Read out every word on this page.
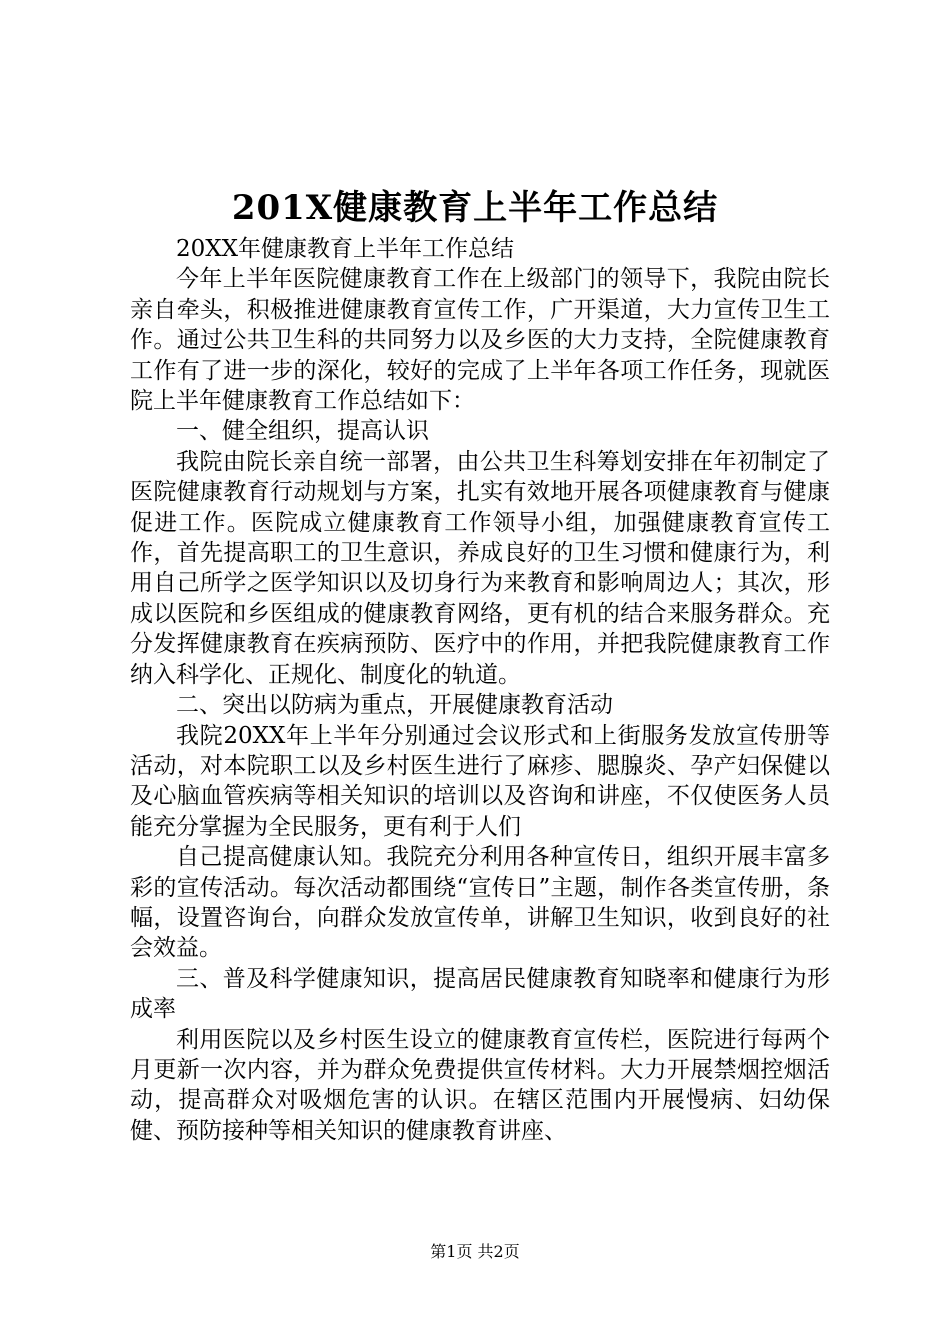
201X健康教育上半年工作总结

20XX年健康教育上半年工作总结

今年上半年医院健康教育工作在上级部门的领导下，我院由院长亲自牵头，积极推进健康教育宣传工作，广开渠道，大力宣传卫生工作。通过公共卫生科的共同努力以及乡医的大力支持，全院健康教育工作有了进一步的深化，较好的完成了上半年各项工作任务，现就医院上半年健康教育工作总结如下：

一、健全组织，提高认识

我院由院长亲自统一部署，由公共卫生科筹划安排在年初制定了医院健康教育行动规划与方案，扎实有效地开展各项健康教育与健康促进工作。医院成立健康教育工作领导小组，加强健康教育宣传工作，首先提高职工的卫生意识，养成良好的卫生习惯和健康行为，利用自己所学之医学知识以及切身行为来教育和影响周边人；其次，形成以医院和乡医组成的健康教育网络，更有机的结合来服务群众。充分发挥健康教育在疾病预防、医疗中的作用，并把我院健康教育工作纳入科学化、正规化、制度化的轨道。

二、突出以防病为重点，开展健康教育活动

我院20XX年上半年分别通过会议形式和上街服务发放宣传册等活动，对本院职工以及乡村医生进行了麻疹、腮腺炎、孕产妇保健以及心脑血管疾病等相关知识的培训以及咨询和讲座，不仅使医务人员能充分掌握为全民服务，更有利于人们

自己提高健康认知。我院充分利用各种宣传日，组织开展丰富多彩的宣传活动。每次活动都围绕“宣传日”主题，制作各类宣传册，条幅，设置咨询台，向群众发放宣传单，讲解卫生知识，收到良好的社会效益。

三、普及科学健康知识，提高居民健康教育知晓率和健康行为形成率

利用医院以及乡村医生设立的健康教育宣传栏，医院进行每两个月更新一次内容，并为群众免费提供宣传材料。大力开展禁烟控烟活动，提高群众对吸烟危害的认识。在辖区范围内开展慢病、妇幼保健、预防接种等相关知识的健康教育讲座、

第1页 共2页
